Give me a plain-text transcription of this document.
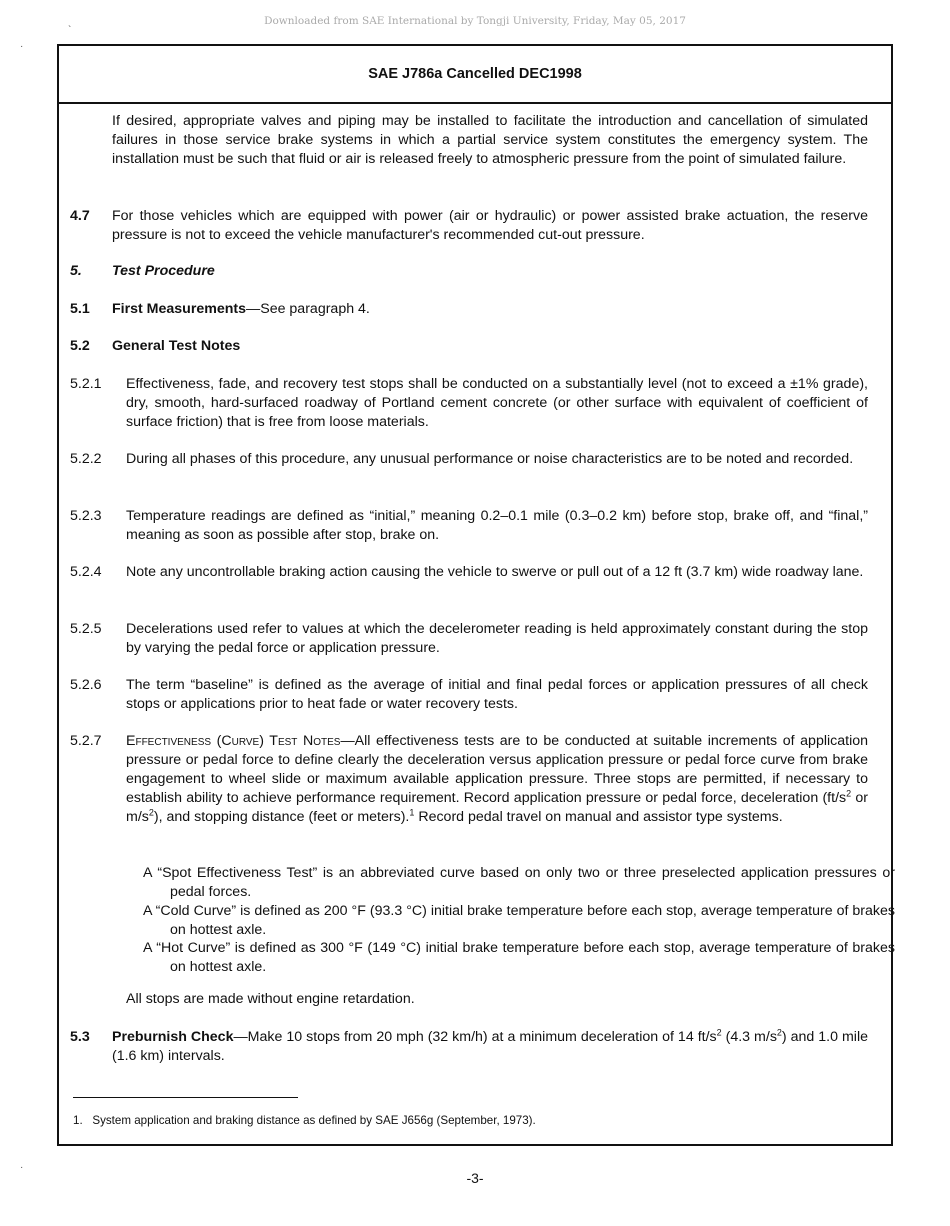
Downloaded from SAE International by Tongji University, Friday, May 05, 2017
`
·
·
SAE J786a Cancelled DEC1998
If desired, appropriate valves and piping may be installed to facilitate the introduction and cancellation of simulated failures in those service brake systems in which a partial service system constitutes the emergency system. The installation must be such that fluid or air is released freely to atmospheric pressure from the point of simulated failure.
4.7 For those vehicles which are equipped with power (air or hydraulic) or power assisted brake actuation, the reserve pressure is not to exceed the vehicle manufacturer's recommended cut-out pressure.
5. Test Procedure
5.1 First Measurements—See paragraph 4.
5.2 General Test Notes
5.2.1 Effectiveness, fade, and recovery test stops shall be conducted on a substantially level (not to exceed a ±1% grade), dry, smooth, hard-surfaced roadway of Portland cement concrete (or other surface with equivalent of coefficient of surface friction) that is free from loose materials.
5.2.2 During all phases of this procedure, any unusual performance or noise characteristics are to be noted and recorded.
5.2.3 Temperature readings are defined as “initial,” meaning 0.2–0.1 mile (0.3–0.2 km) before stop, brake off, and “final,” meaning as soon as possible after stop, brake on.
5.2.4 Note any uncontrollable braking action causing the vehicle to swerve or pull out of a 12 ft (3.7 km) wide roadway lane.
5.2.5 Decelerations used refer to values at which the decelerometer reading is held approximately constant during the stop by varying the pedal force or application pressure.
5.2.6 The term “baseline” is defined as the average of initial and final pedal forces or application pressures of all check stops or applications prior to heat fade or water recovery tests.
5.2.7 Effectiveness (Curve) Test Notes—All effectiveness tests are to be conducted at suitable increments of application pressure or pedal force to define clearly the deceleration versus application pressure or pedal force curve from brake engagement to wheel slide or maximum available application pressure. Three stops are permitted, if necessary to establish ability to achieve performance requirement. Record application pressure or pedal force, deceleration ($ft/s^2$ or $m/s^2$), and stopping distance (feet or meters).$^1$ Record pedal travel on manual and assistor type systems.
A “Spot Effectiveness Test” is an abbreviated curve based on only two or three preselected application pressures or pedal forces.
A “Cold Curve” is defined as 200 °F (93.3 °C) initial brake temperature before each stop, average temperature of brakes on hottest axle.
A “Hot Curve” is defined as 300 °F (149 °C) initial brake temperature before each stop, average temperature of brakes on hottest axle.
All stops are made without engine retardation.
5.3 Preburnish Check—Make 10 stops from 20 mph (32 km/h) at a minimum deceleration of 14 $ft/s^2$ (4.3 $m/s^2$) and 1.0 mile (1.6 km) intervals.
1. System application and braking distance as defined by SAE J656g (September, 1973).
-3-
